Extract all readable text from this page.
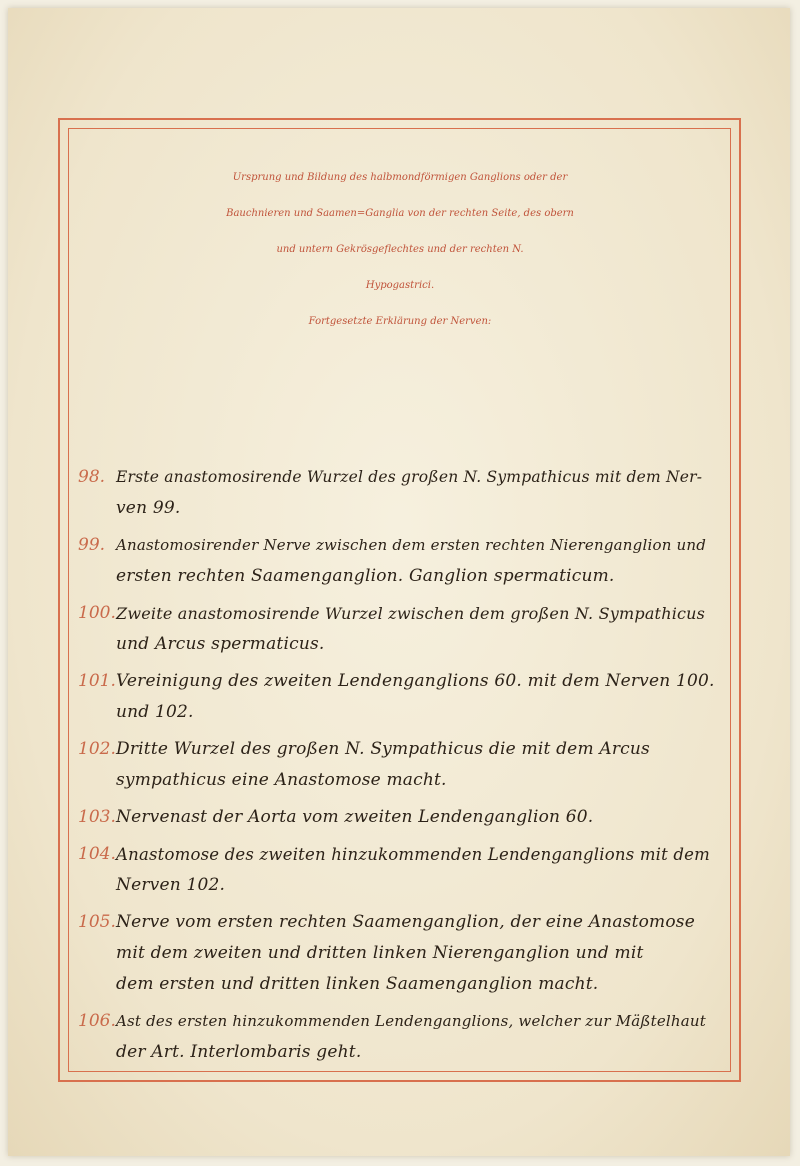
Ursprung und Bildung des halbmondförmigen Ganglions oder der
Bauchnieren und Saamen=Ganglia von der rechten Seite, des obern
und untern Gekrösgeflechtes und der rechten N.
Hypogastrici.
Fortgesetzte Erklärung der Nerven:
98. Erste anastomosirende Wurzel des großen N. Sympathicus mit dem Ner-
ven 99.
99. Anastomosirender Nerve zwischen dem ersten rechten Nierenganglion und
ersten rechten Saamenganglion. Ganglion spermaticum.
100. Zweite anastomosirende Wurzel zwischen dem großen N. Sympathicus
und Arcus spermaticus.
101. Vereinigung des zweiten Lendenganglions 60. mit dem Nerven 100.
und 102.
102. Dritte Wurzel des großen N. Sympathicus die mit dem Arcus
sympathicus eine Anastomose macht.
103. Nervenast der Aorta vom zweiten Lendenganglion 60.
104. Anastomose des zweiten hinzukommenden Lendenganglions mit dem
Nerven 102.
105. Nerve vom ersten rechten Saamenganglion, der eine Anastomose
mit dem zweiten und dritten linken Nierenganglion und mit
dem ersten und dritten linken Saamenganglion macht.
106. Ast des ersten hinzukommenden Lendenganglions, welcher zur Mäßtelhaut
der Art. Interlombaris geht.
